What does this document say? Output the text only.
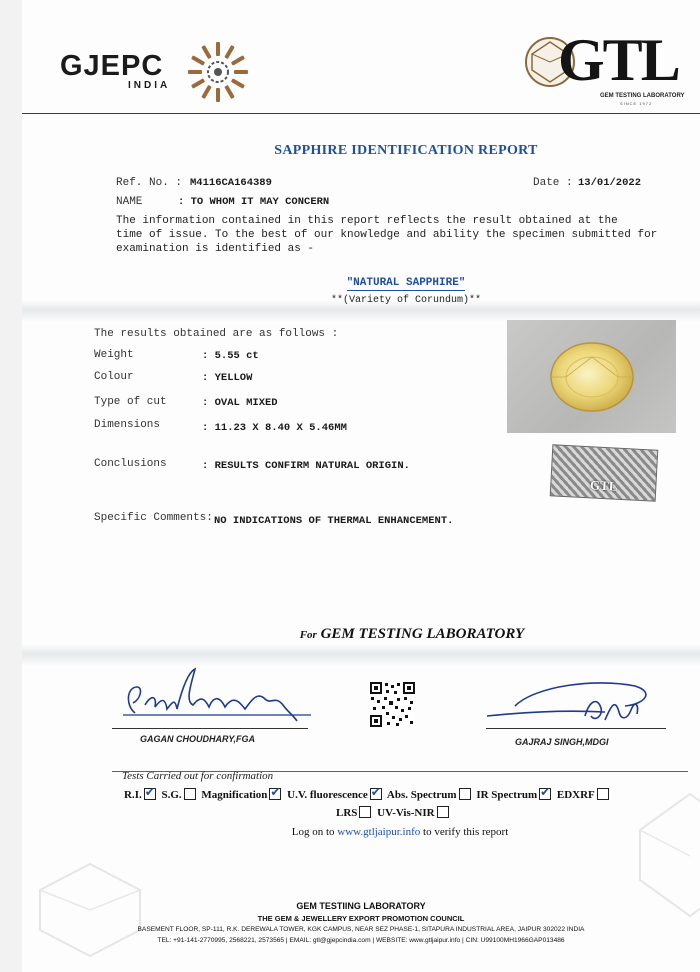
GJEPC
INDIA	GTL
GEM TESTING LABORATORY
SINCE 1972
SAPPHIRE IDENTIFICATION REPORT
Ref. No. : M4116CA164389	Date : 13/01/2022
NAME	: TO WHOM IT MAY CONCERN
The information contained in this report reflects the result obtained at the
time of issue. To the best of our knowledge and ability the specimen submitted for
examination is identified as -
"NATURAL SAPPHIRE"
**(Variety of Corundum)**
The results obtained are as follows :
Weight	: 5.55 ct
Colour	: YELLOW
Type of cut	: OVAL MIXED
Dimensions	: 11.23 X 8.40 X 5.46MM
Conclusions	: RESULTS CONFIRM NATURAL ORIGIN.
Specific Comments: NO INDICATIONS OF THERMAL ENHANCEMENT.
GTL
For GEM TESTING LABORATORY
GAGAN CHOUDHARY,FGA	GAJRAJ SINGH,MDGI
Tests Carried out for confirmation
R.I. ✔ S.G. Magnification ✔ U.V. fluorescence ✔ Abs. Spectrum IR Spectrum ✔ EDXRF
LRS UV-Vis-NIR
Log on to www.gtljaipur.info to verify this report
GEM TESTIING LABORATORY
THE GEM & JEWELLERY EXPORT PROMOTION COUNCIL
BASEMENT FLOOR, SP-111, R.K. DEREWALA TOWER, KGK CAMPUS, NEAR SEZ PHASE-1, SITAPURA INDUSTRIAL AREA, JAIPUR 302022 INDIA
TEL: +91-141-2770995, 2568221, 2573565 | EMAIL: gtl@gjepcindia.com | WEBSITE: www.gtljaipur.info | CIN: U99100MH1966GAP013486
